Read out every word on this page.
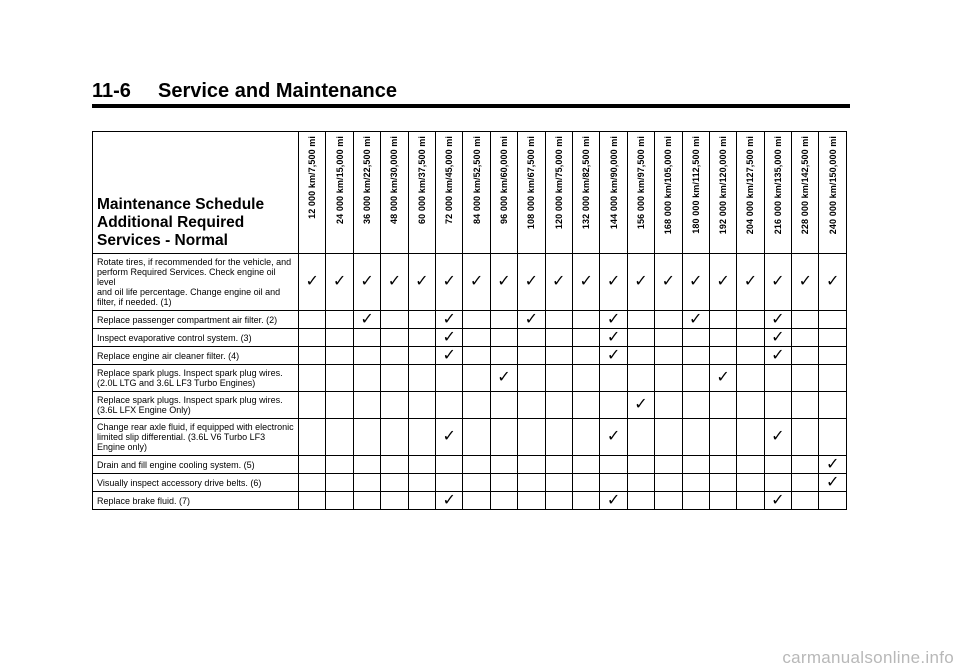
11-6 Service and Maintenance
Maintenance Schedule
Additional Required
Services - Normal	12 000 km/7,500 mi	24 000 km/15,000 mi	36 000 km/22,500 mi	48 000 km/30,000 mi	60 000 km/37,500 mi	72 000 km/45,000 mi	84 000 km/52,500 mi	96 000 km/60,000 mi	108 000 km/67,500 mi	120 000 km/75,000 mi	132 000 km/82,500 mi	144 000 km/90,000 mi	156 000 km/97,500 mi	168 000 km/105,000 mi	180 000 km/112,500 mi	192 000 km/120,000 mi	204 000 km/127,500 mi	216 000 km/135,000 mi	228 000 km/142,500 mi	240 000 km/150,000 mi

Rotate tires, if recommended for the vehicle, and
perform Required Services. Check engine oil level
and oil life percentage. Change engine oil and
filter, if needed. (1)	✓	✓	✓	✓	✓	✓	✓	✓	✓	✓	✓	✓	✓	✓	✓	✓	✓	✓	✓	✓

Replace passenger compartment air filter. (2)			✓			✓			✓			✓			✓			✓		

Inspect evaporative control system. (3)						✓						✓						✓		

Replace engine air cleaner filter. (4)						✓						✓						✓		

Replace spark plugs. Inspect spark plug wires.
(2.0L LTG and 3.6L LF3 Turbo Engines)								✓								✓				

Replace spark plugs. Inspect spark plug wires.
(3.6L LFX Engine Only)													✓							

Change rear axle fluid, if equipped with electronic
limited slip differential. (3.6L V6 Turbo LF3
Engine only)						✓						✓						✓		

Drain and fill engine cooling system. (5)																				✓

Visually inspect accessory drive belts. (6)																				✓

Replace brake fluid. (7)						✓						✓						✓		
carmanualsonline.info
